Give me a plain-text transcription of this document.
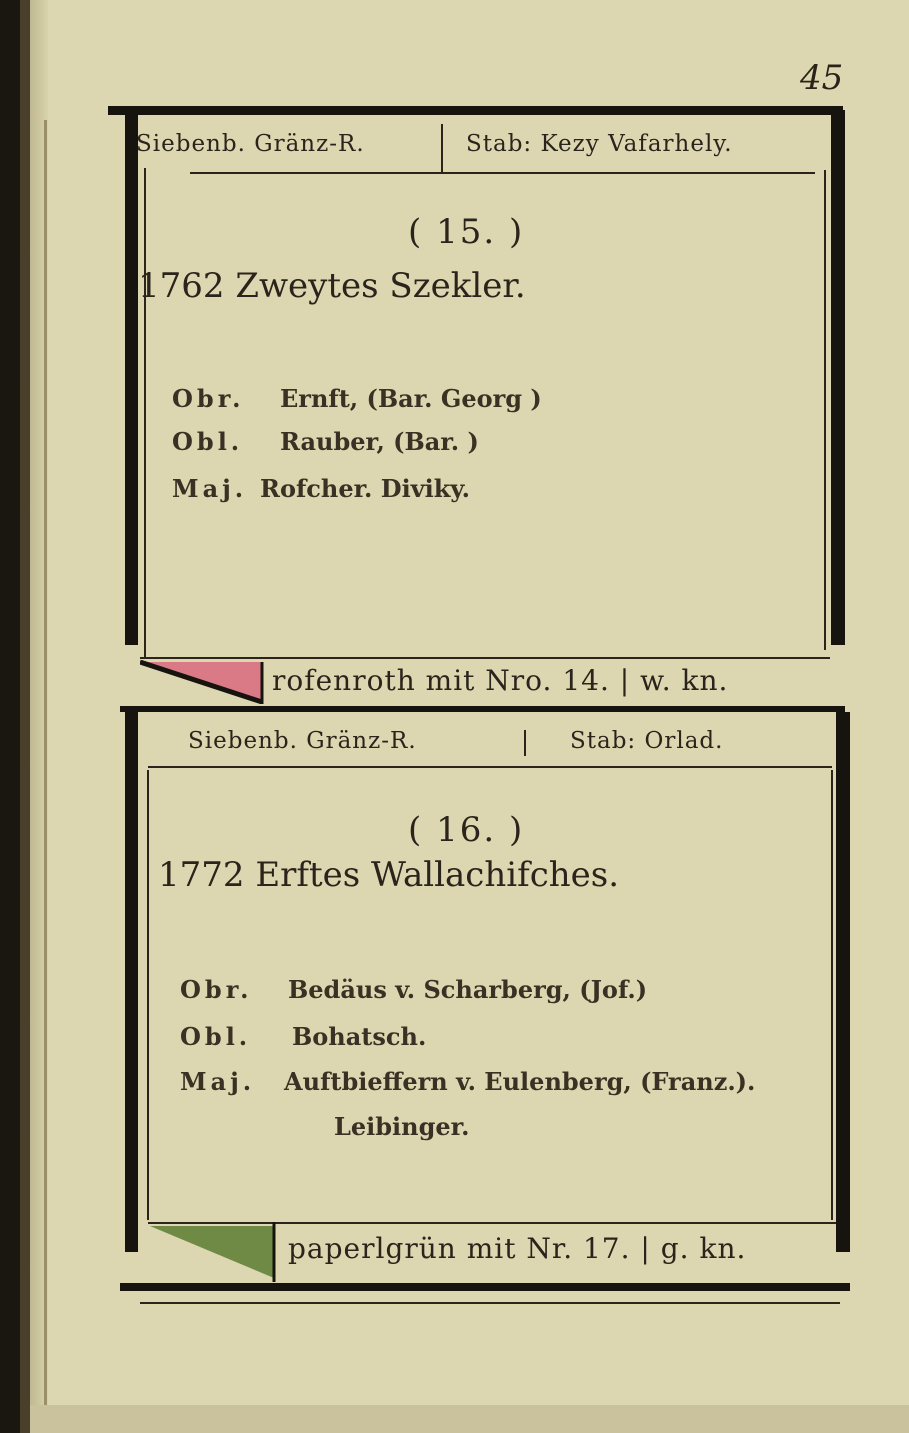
45
Siebenb. Gränz-R.	Stab: Kezy Vafarhely.
( 15. )
1762 Zweytes Szekler.
Obr. Ernft, (Bar. Georg )
Obl. Rauber, (Bar. )
Maj. Rofcher. Diviky.
rofenroth mit Nro. 14. | w. kn.
Siebenb. Gränz-R.	Stab: Orlad.
( 16. )
1772 Erftes Wallachifches.
Obr. Bedäus v. Scharberg, (Jof.)
Obl. Bohatsch.
Maj. Auftbieffern v. Eulenberg, (Franz.).
Leibinger.
paperlgrün mit Nr. 17. | g. kn.
